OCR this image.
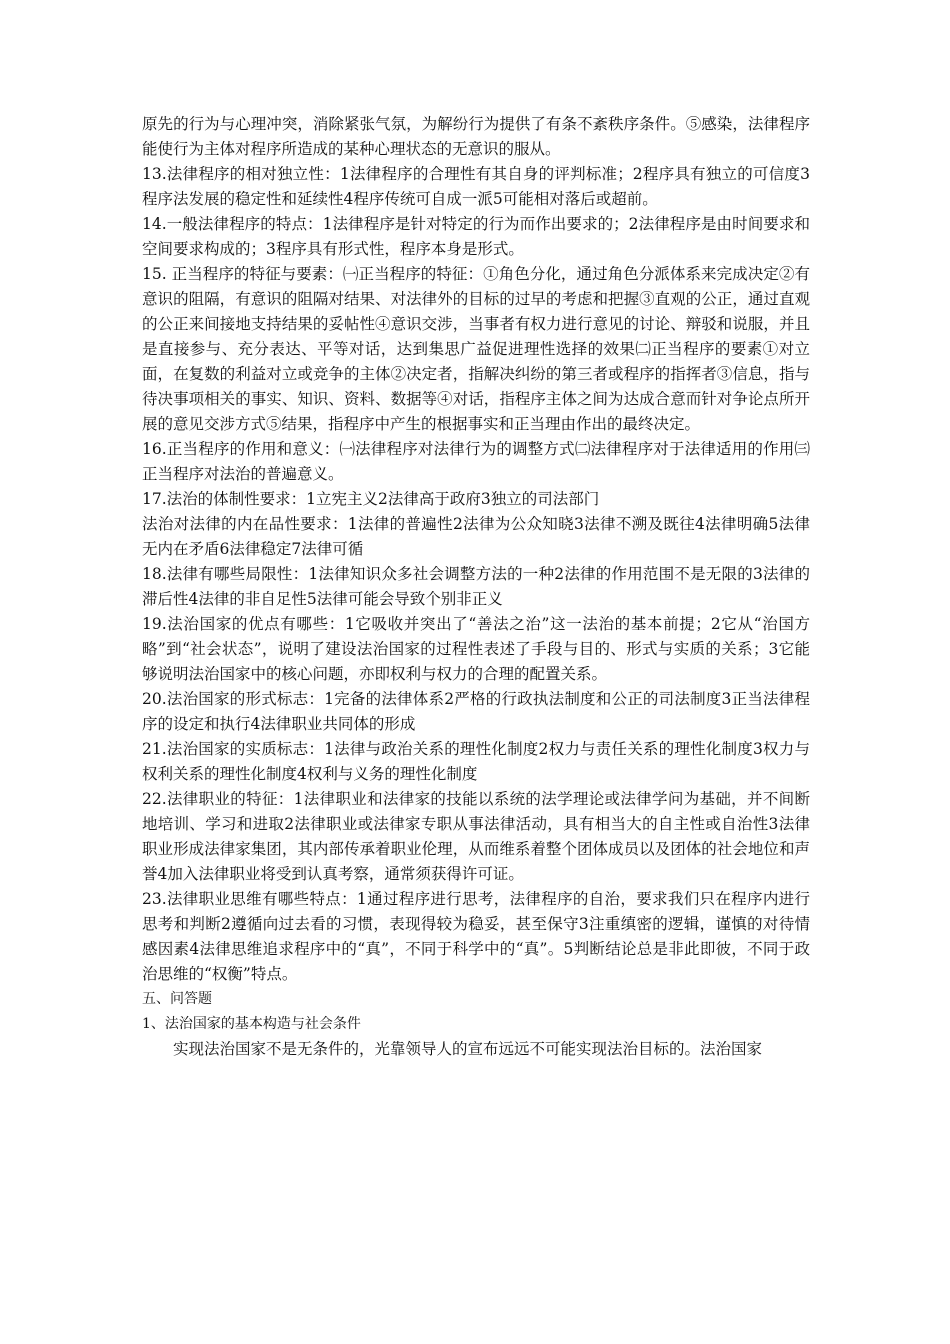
原先的行为与心理冲突，消除紧张气氛，为解纷行为提供了有条不紊秩序条件。⑤感染，法律程序能使行为主体对程序所造成的某种心理状态的无意识的服从。

13.法律程序的相对独立性：1法律程序的合理性有其自身的评判标准；2程序具有独立的可信度3程序法发展的稳定性和延续性4程序传统可自成一派5可能相对落后或超前。

14.一般法律程序的特点：1法律程序是针对特定的行为而作出要求的；2法律程序是由时间要求和空间要求构成的；3程序具有形式性，程序本身是形式。

15. 正当程序的特征与要素：㈠正当程序的特征：①角色分化，通过角色分派体系来完成决定②有意识的阻隔，有意识的阻隔对结果、对法律外的目标的过早的考虑和把握③直观的公正，通过直观的公正来间接地支持结果的妥帖性④意识交涉，当事者有权力进行意见的讨论、辩驳和说服，并且是直接参与、充分表达、平等对话，达到集思广益促进理性选择的效果㈡正当程序的要素①对立面，在复数的利益对立或竞争的主体②决定者，指解决纠纷的第三者或程序的指挥者③信息，指与待决事项相关的事实、知识、资料、数据等④对话，指程序主体之间为达成合意而针对争论点所开展的意见交涉方式⑤结果，指程序中产生的根据事实和正当理由作出的最终决定。

16.正当程序的作用和意义：㈠法律程序对法律行为的调整方式㈡法律程序对于法律适用的作用㈢正当程序对法治的普遍意义。

17.法治的体制性要求：1立宪主义2法律高于政府3独立的司法部门

法治对法律的内在品性要求：1法律的普遍性2法律为公众知晓3法律不溯及既往4法律明确5法律无内在矛盾6法律稳定7法律可循

18.法律有哪些局限性：1法律知识众多社会调整方法的一种2法律的作用范围不是无限的3法律的滞后性4法律的非自足性5法律可能会导致个别非正义

19.法治国家的优点有哪些：1它吸收并突出了“善法之治”这一法治的基本前提；2它从“治国方略”到“社会状态”，说明了建设法治国家的过程性表述了手段与目的、形式与实质的关系；3它能够说明法治国家中的核心问题，亦即权利与权力的合理的配置关系。

20.法治国家的形式标志：1完备的法律体系2严格的行政执法制度和公正的司法制度3正当法律程序的设定和执行4法律职业共同体的形成

21.法治国家的实质标志：1法律与政治关系的理性化制度2权力与责任关系的理性化制度3权力与权利关系的理性化制度4权利与义务的理性化制度

22.法律职业的特征：1法律职业和法律家的技能以系统的法学理论或法律学问为基础，并不间断地培训、学习和进取2法律职业或法律家专职从事法律活动，具有相当大的自主性或自治性3法律职业形成法律家集团，其内部传承着职业伦理，从而维系着整个团体成员以及团体的社会地位和声誉4加入法律职业将受到认真考察，通常须获得许可证。

23.法律职业思维有哪些特点：1通过程序进行思考，法律程序的自治，要求我们只在程序内进行思考和判断2遵循向过去看的习惯，表现得较为稳妥，甚至保守3注重缜密的逻辑，谨慎的对待情感因素4法律思维追求程序中的“真”，不同于科学中的“真”。5判断结论总是非此即彼，不同于政治思维的“权衡”特点。

五、问答题

1、法治国家的基本构造与社会条件

实现法治国家不是无条件的，光靠领导人的宣布远远不可能实现法治目标的。法治国家
